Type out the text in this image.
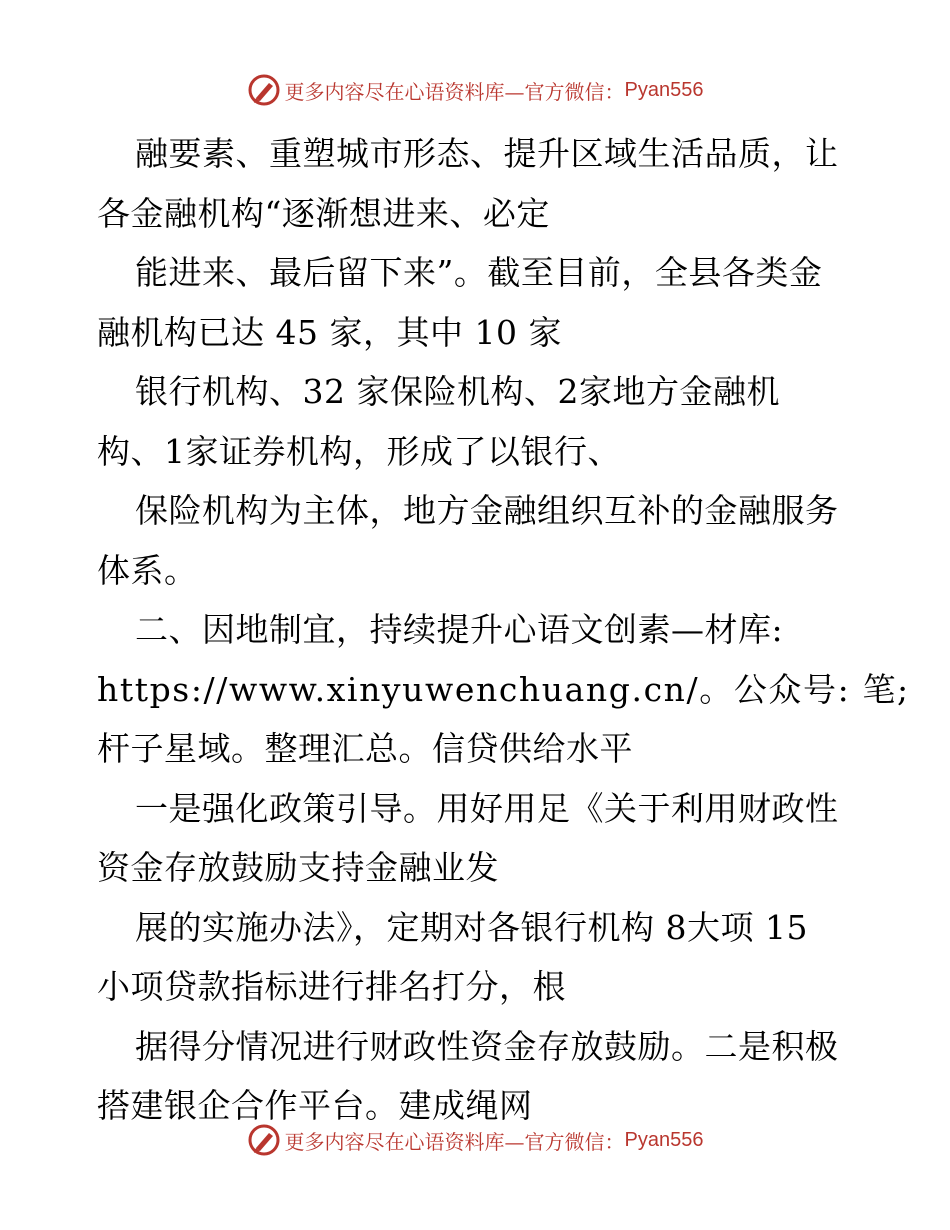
更多内容尽在心语资料库—官方微信： Pyan556
融要素、重塑城市形态、提升区域生活品质，让
各金融机构“逐渐想进来、必定
能进来、最后留下来”。截至目前，全县各类金
融机构已达 45 家，其中 10 家
银行机构、32 家保险机构、2家地方金融机
构、1家证券机构，形成了以银行、
保险机构为主体，地方金融组织互补的金融服务
体系。
二、因地制宜，持续提升心语文创素—材库:
https://www.xinyuwenchuang.cn/。公众号: 笔;
杆子星域。整理汇总。信贷供给水平
一是强化政策引导。用好用足《关于利用财政性
资金存放鼓励支持金融业发
展的实施办法》，定期对各银行机构 8大项 15
小项贷款指标进行排名打分，根
据得分情况进行财政性资金存放鼓励。二是积极
搭建银企合作平台。建成绳网
更多内容尽在心语资料库—官方微信： Pyan556
